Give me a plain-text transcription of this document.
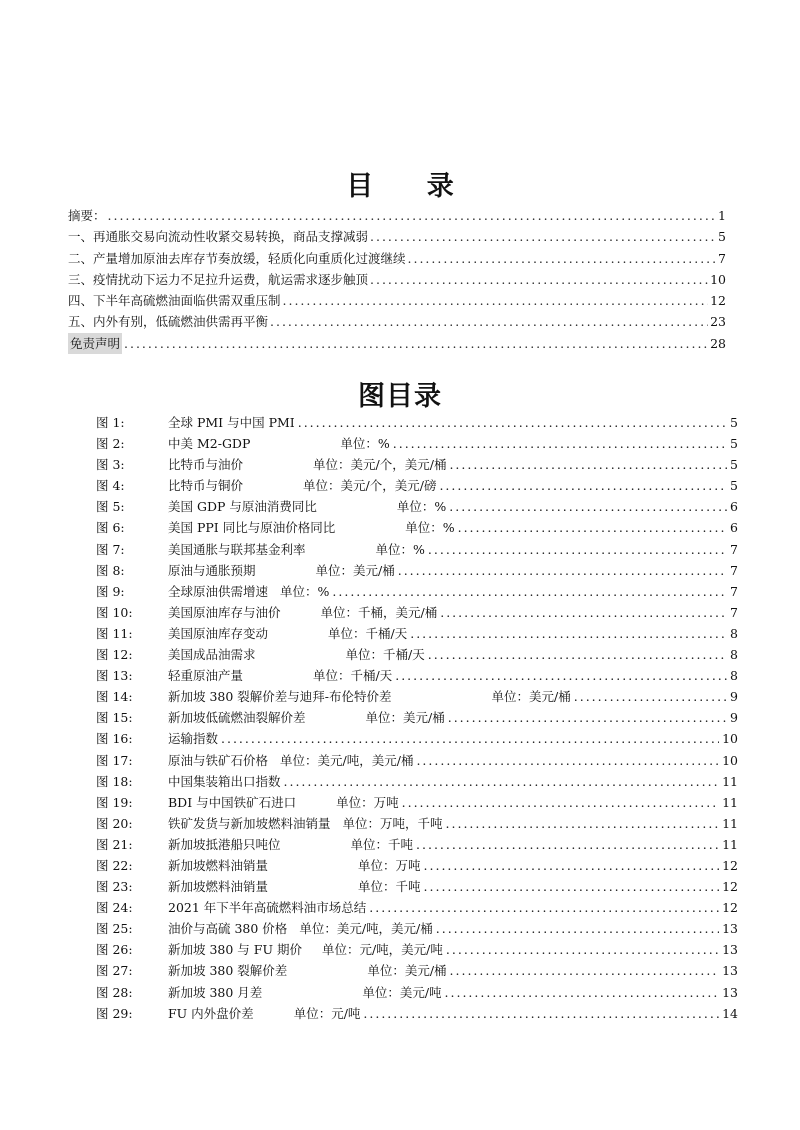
目 录
摘要： .....	1
一、再通胀交易向流动性收紧交易转换，商品支撑减弱 .....	5
二、产量增加原油去库存节奏放缓，轻质化向重质化过渡继续 .....	7
三、疫情扰动下运力不足拉升运费，航运需求逐步触顶 .....	10
四、下半年高硫燃油面临供需双重压制 .....	12
五、内外有别，低硫燃油供需再平衡 .....	23
免责声明 .....	28
图目录
图 1:	全球 PMI 与中国 PMI .....	5
图 2:	中美 M2-GDP	单位：% .....	5
图 3:	比特币与油价	单位：美元/个，美元/桶 .....	5
图 4:	比特币与铜价	单位：美元/个，美元/磅 .....	5
图 5:	美国 GDP 与原油消费同比	单位：% .....	6
图 6:	美国 PPI 同比与原油价格同比	单位：% .....	6
图 7:	美国通胀与联邦基金利率	单位：% .....	7
图 8:	原油与通胀预期	单位：美元/桶 .....	7
图 9:	全球原油供需增速 单位：% .....	7
图 10:	美国原油库存与油价	单位：千桶，美元/桶 .....	7
图 11:	美国原油库存变动	单位：千桶/天 .....	8
图 12:	美国成品油需求	单位：千桶/天 .....	8
图 13:	轻重原油产量	单位：千桶/天 .....	8
图 14:	新加坡 380 裂解价差与迪拜-布伦特价差	单位：美元/桶 .....	9
图 15:	新加坡低硫燃油裂解价差	单位：美元/桶 .....	9
图 16:	运输指数 .....	10
图 17:	原油与铁矿石价格 单位：美元/吨，美元/桶 .....	10
图 18:	中国集装箱出口指数 .....	11
图 19:	BDI 与中国铁矿石进口	单位：万吨 .....	11
图 20:	铁矿发货与新加坡燃料油销量 单位：万吨，千吨 .....	11
图 21:	新加坡抵港船只吨位	单位：千吨 .....	11
图 22:	新加坡燃料油销量	单位：万吨 .....	12
图 23:	新加坡燃料油销量	单位：千吨 .....	12
图 24:	2021 年下半年高硫燃料油市场总结 .....	12
图 25:	油价与高硫 380 价格 单位：美元/吨，美元/桶 .....	13
图 26:	新加坡 380 与 FU 期价 单位：元/吨，美元/吨 .....	13
图 27:	新加坡 380 裂解价差	单位：美元/桶 .....	13
图 28:	新加坡 380 月差	单位：美元/吨 .....	13
图 29:	FU 内外盘价差	单位：元/吨 .....	14
